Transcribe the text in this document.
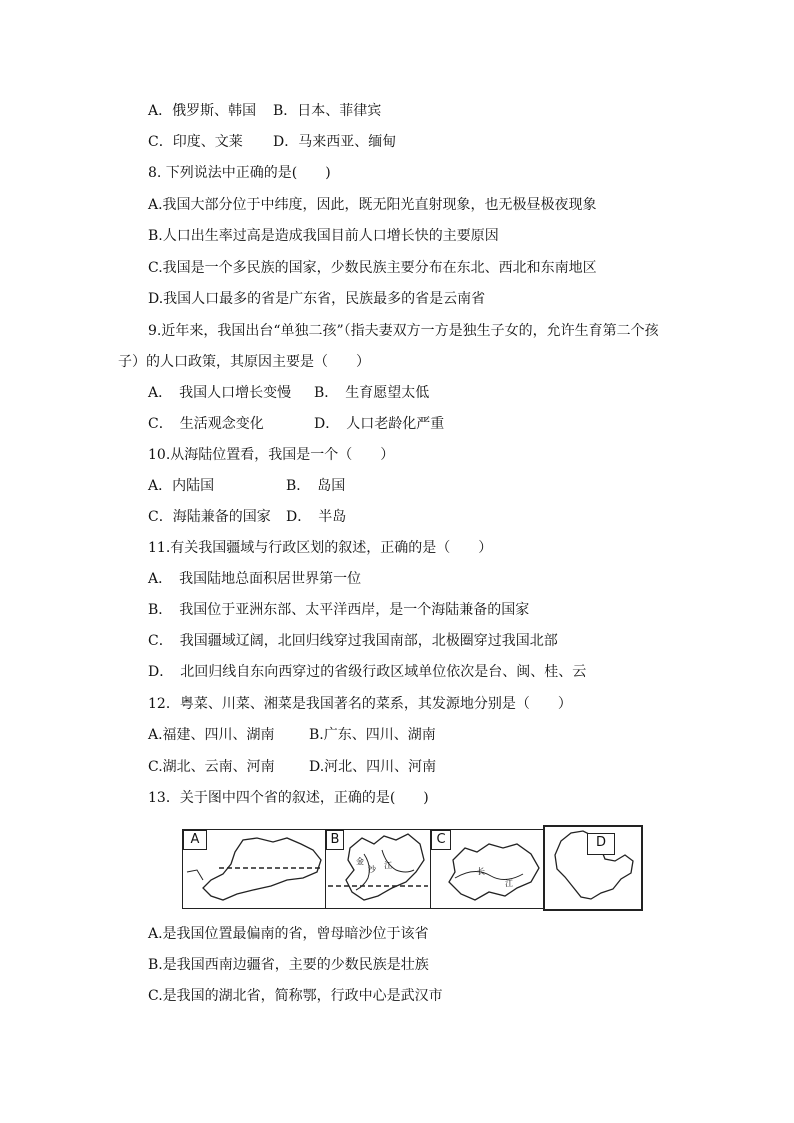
A．俄罗斯、韩国 B．日本、菲律宾
C．印度、文莱 D．马来西亚、缅甸
8. 下列说法中正确的是(　　)
A.我国大部分位于中纬度，因此，既无阳光直射现象，也无极昼极夜现象
B.人口出生率过高是造成我国目前人口增长快的主要原因
C.我国是一个多民族的国家，少数民族主要分布在东北、西北和东南地区
D.我国人口最多的省是广东省，民族最多的省是云南省
9.近年来，我国出台“单独二孩”（指夫妻双方一方是独生子女的，允许生育第二个孩
子）的人口政策，其原因主要是（　　）
A．　我国人口增长变慢 B．　生育愿望太低
C．　生活观念变化	D．　人口老龄化严重
10.从海陆位置看，我国是一个（　　）
A．内陆国	B．　岛国
C．海陆兼备的国家 D．　半岛
11.有关我国疆域与行政区划的叙述，正确的是（　　）
A．　我国陆地总面积居世界第一位
B．　我国位于亚洲东部、太平洋西岸，是一个海陆兼备的国家
C．　我国疆域辽阔，北回归线穿过我国南部，北极圈穿过我国北部
D．　北回归线自东向西穿过的省级行政区域单位依次是台、闽、桂、云
12．粤菜、川菜、湘菜是我国著名的菜系，其发源地分别是（　　）
A.福建、四川、湖南 B.广东、四川、湖南
C.湖北、云南、河南 D.河北、四川、河南
13．关于图中四个省的叙述，正确的是(　　)
A
金
沙 江
B
长
江
C	D
A.是我国位置最偏南的省，曾母暗沙位于该省
B.是我国西南边疆省，主要的少数民族是壮族
C.是我国的湖北省，简称鄂，行政中心是武汉市
